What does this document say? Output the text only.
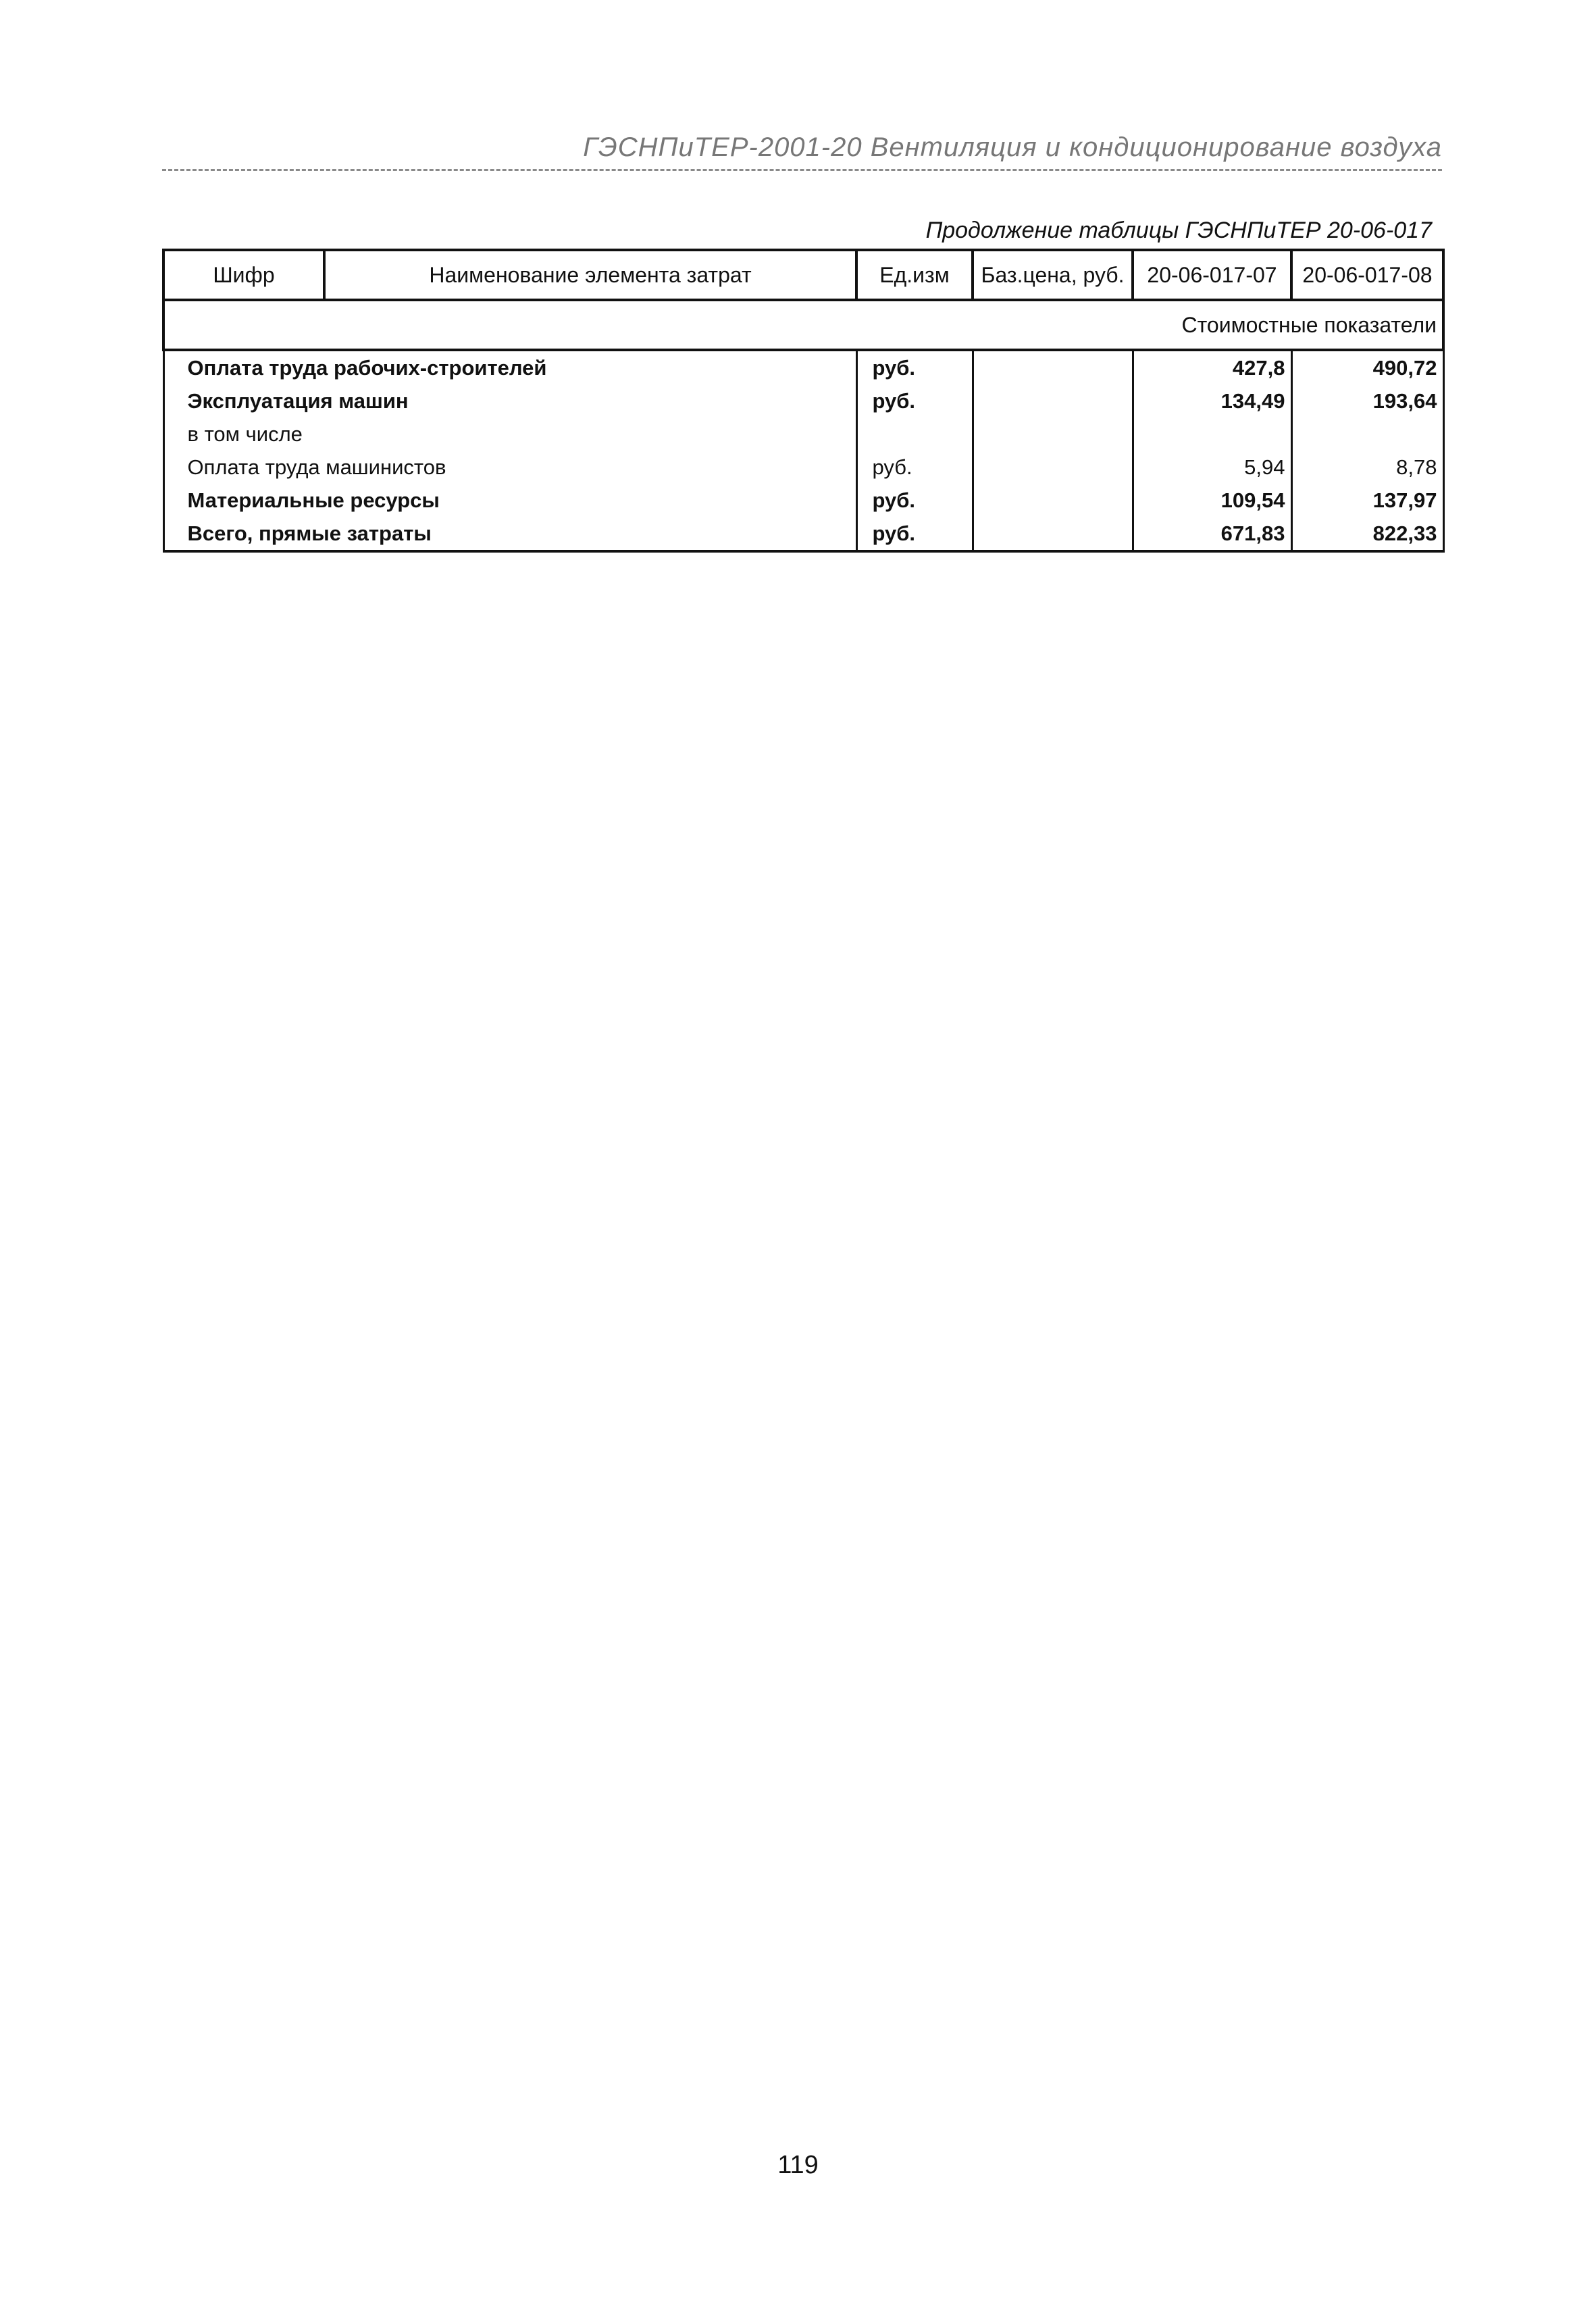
ГЭСНПиТЕР-2001-20 Вентиляция и кондиционирование воздуха
Продолжение таблицы ГЭСНПиТЕР 20-06-017
Шифр	Наименование элемента затрат	Ед.изм	Баз.цена, руб.	20-06-017-07	20-06-017-08
Стоимостные показатели					
Оплата труда рабочих-строителей		руб.		427,8	490,72
Эксплуатация машин		руб.		134,49	193,64
в том числе					
Оплата труда машинистов		руб.		5,94	8,78
Материальные ресурсы		руб.		109,54	137,97
Всего, прямые затраты		руб.		671,83	822,33
119
